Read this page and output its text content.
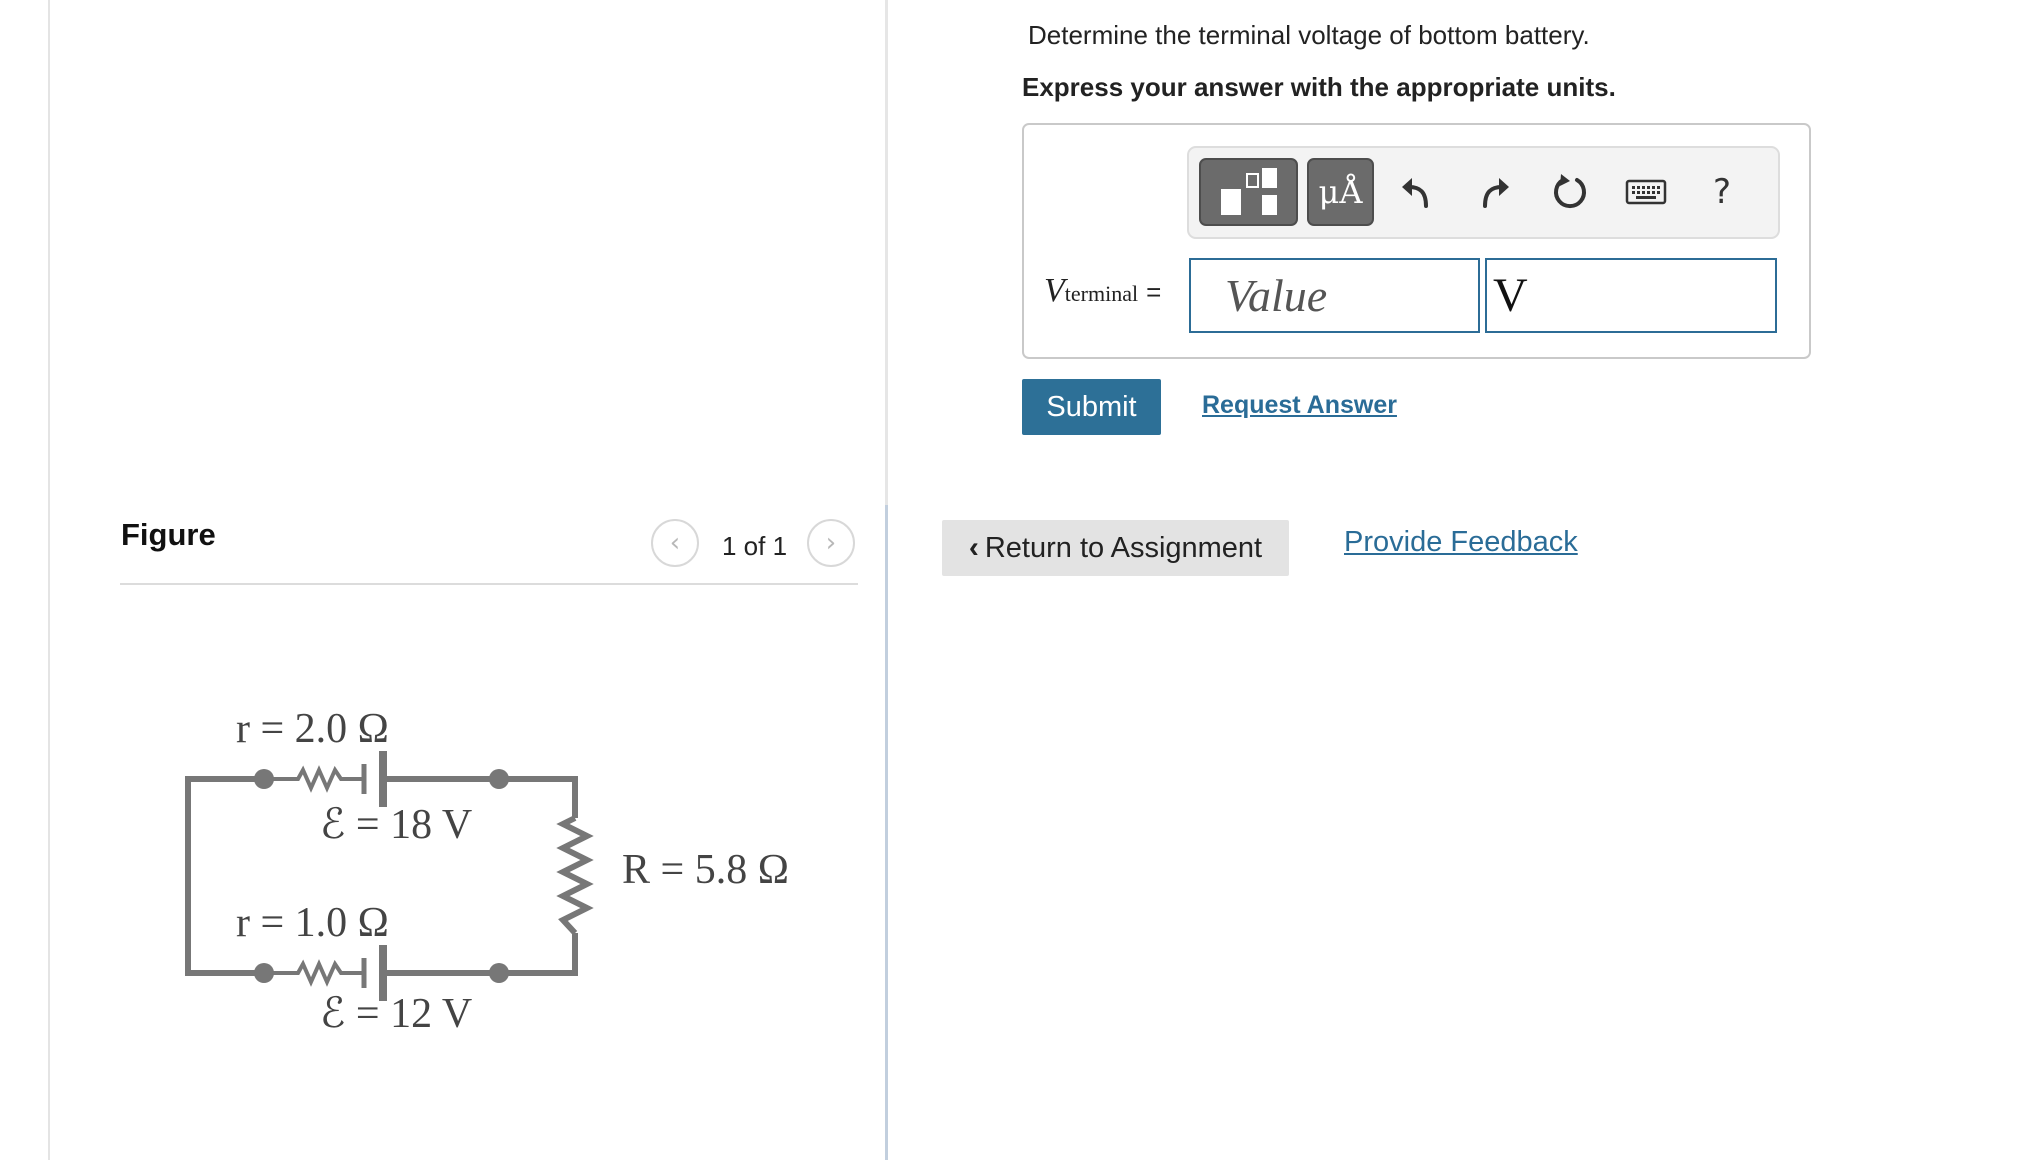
Figure	‹ 1 of 1 ›
r = 2.0 Ω
ℰ = 18 V
r = 1.0 Ω
ℰ = 12 V
R = 5.8 Ω
Determine the terminal voltage of bottom battery.
Express your answer with the appropriate units.
μÅ	?
Vterminal =
Value
V
Submit	Request Answer
‹ Return to Assignment	Provide Feedback
